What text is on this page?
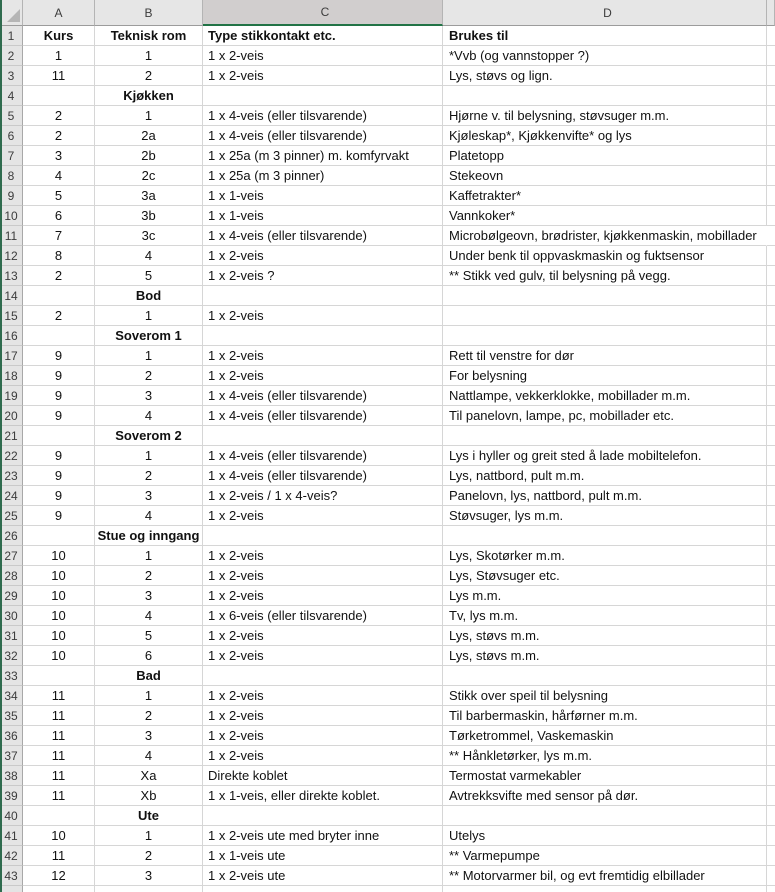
A	B	C	D
1	Kurs	Teknisk rom	Type stikkontakt etc.	Brukes til
2	1	1	1 x 2-veis	*Vvb (og vannstopper ?)
3	11	2	1 x 2-veis	Lys, støvs og lign.
4	Kjøkken
5	2	1	1 x 4-veis (eller tilsvarende)	Hjørne v. til belysning, støvsuger m.m.
6	2	2a	1 x 4-veis (eller tilsvarende)	Kjøleskap*, Kjøkkenvifte* og lys
7	3	2b	1 x 25a (m 3 pinner) m. komfyrvakt	Platetopp
8	4	2c	1 x 25a (m 3 pinner)	Stekeovn
9	5	3a	1 x 1-veis	Kaffetrakter*
10	6	3b	1 x 1-veis	Vannkoker*
11	7	3c	1 x 4-veis (eller tilsvarende)	Microbølgeovn, brødrister, kjøkkenmaskin, mobillader
12	8	4	1 x 2-veis	Under benk til oppvaskmaskin og fuktsensor
13	2	5	1 x 2-veis ?	** Stikk ved gulv, til belysning på vegg.
14	Bod
15	2	1	1 x 2-veis
16	Soverom 1
17	9	1	1 x 2-veis	Rett til venstre for dør
18	9	2	1 x 2-veis	For belysning
19	9	3	1 x 4-veis (eller tilsvarende)	Nattlampe, vekkerklokke, mobillader m.m.
20	9	4	1 x 4-veis (eller tilsvarende)	Til panelovn, lampe, pc, mobillader etc.
21	Soverom 2
22	9	1	1 x 4-veis (eller tilsvarende)	Lys i hyller og greit sted å lade mobiltelefon.
23	9	2	1 x 4-veis (eller tilsvarende)	Lys, nattbord, pult m.m.
24	9	3	1 x 2-veis / 1 x 4-veis?	Panelovn, lys, nattbord, pult m.m.
25	9	4	1 x 2-veis	Støvsuger, lys m.m.
26	Stue og inngang
27	10	1	1 x 2-veis	Lys, Skotørker m.m.
28	10	2	1 x 2-veis	Lys, Støvsuger etc.
29	10	3	1 x 2-veis	Lys m.m.
30	10	4	1 x 6-veis (eller tilsvarende)	Tv, lys m.m.
31	10	5	1 x 2-veis	Lys, støvs m.m.
32	10	6	1 x 2-veis	Lys, støvs m.m.
33	Bad
34	11	1	1 x 2-veis	Stikk over speil til belysning
35	11	2	1 x 2-veis	Til barbermaskin, hårførner m.m.
36	11	3	1 x 2-veis	Tørketrommel, Vaskemaskin
37	11	4	1 x 2-veis	** Hånkletørker, lys m.m.
38	11	Xa	Direkte koblet	Termostat varmekabler
39	11	Xb	1 x 1-veis, eller direkte koblet.	Avtrekksvifte med sensor på dør.
40	Ute
41	10	1	1 x 2-veis ute med bryter inne	Utelys
42	11	2	1 x 1-veis ute	** Varmepumpe
43	12	3	1 x 2-veis ute	** Motorvarmer bil, og evt fremtidig elbillader
